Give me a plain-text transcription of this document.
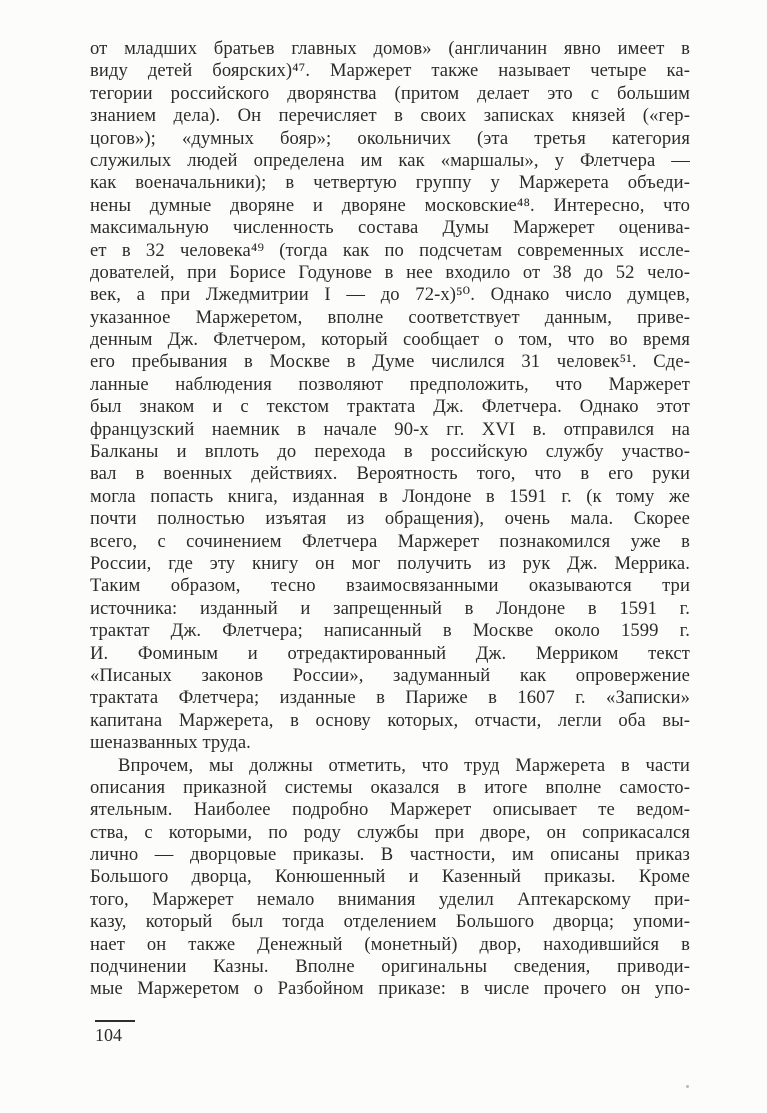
от младших братьев главных домов» (англичанин явно имеет в
виду детей боярских)⁴⁷. Маржерет также называет четыре ка-
тегории российского дворянства (притом делает это с большим
знанием дела). Он перечисляет в своих записках князей («гер-
цогов»); «думных бояр»; окольничих (эта третья категория
служилых людей определена им как «маршалы», у Флетчера —
как военачальники); в четвертую группу у Маржерета объеди-
нены думные дворяне и дворяне московские⁴⁸. Интересно, что
максимальную численность состава Думы Маржерет оценива-
ет в 32 человека⁴⁹ (тогда как по подсчетам современных иссле-
дователей, при Борисе Годунове в нее входило от 38 до 52 чело-
век, а при Лжедмитрии I — до 72-х)⁵⁰. Однако число думцев,
указанное Маржеретом, вполне соответствует данным, приве-
денным Дж. Флетчером, который сообщает о том, что во время
его пребывания в Москве в Думе числился 31 человек⁵¹. Сде-
ланные наблюдения позволяют предположить, что Маржерет
был знаком и с текстом трактата Дж. Флетчера. Однако этот
французский наемник в начале 90-х гг. XVI в. отправился на
Балканы и вплоть до перехода в российскую службу участво-
вал в военных действиях. Вероятность того, что в его руки
могла попасть книга, изданная в Лондоне в 1591 г. (к тому же
почти полностью изъятая из обращения), очень мала. Скорее
всего, с сочинением Флетчера Маржерет познакомился уже в
России, где эту книгу он мог получить из рук Дж. Меррика.
Таким образом, тесно взаимосвязанными оказываются три
источника: изданный и запрещенный в Лондоне в 1591 г.
трактат Дж. Флетчера; написанный в Москве около 1599 г.
И. Фоминым и отредактированный Дж. Мерриком текст
«Писаных законов России», задуманный как опровержение
трактата Флетчера; изданные в Париже в 1607 г. «Записки»
капитана Маржерета, в основу которых, отчасти, легли оба вы-
шеназванных труда.
Впрочем, мы должны отметить, что труд Маржерета в части
описания приказной системы оказался в итоге вполне самосто-
ятельным. Наиболее подробно Маржерет описывает те ведом-
ства, с которыми, по роду службы при дворе, он соприкасался
лично — дворцовые приказы. В частности, им описаны приказ
Большого дворца, Конюшенный и Казенный приказы. Кроме
того, Маржерет немало внимания уделил Аптекарскому при-
казу, который был тогда отделением Большого дворца; упоми-
нает он также Денежный (монетный) двор, находившийся в
подчинении Казны. Вполне оригинальны сведения, приводи-
мые Маржеретом о Разбойном приказе: в числе прочего он упо-
104
